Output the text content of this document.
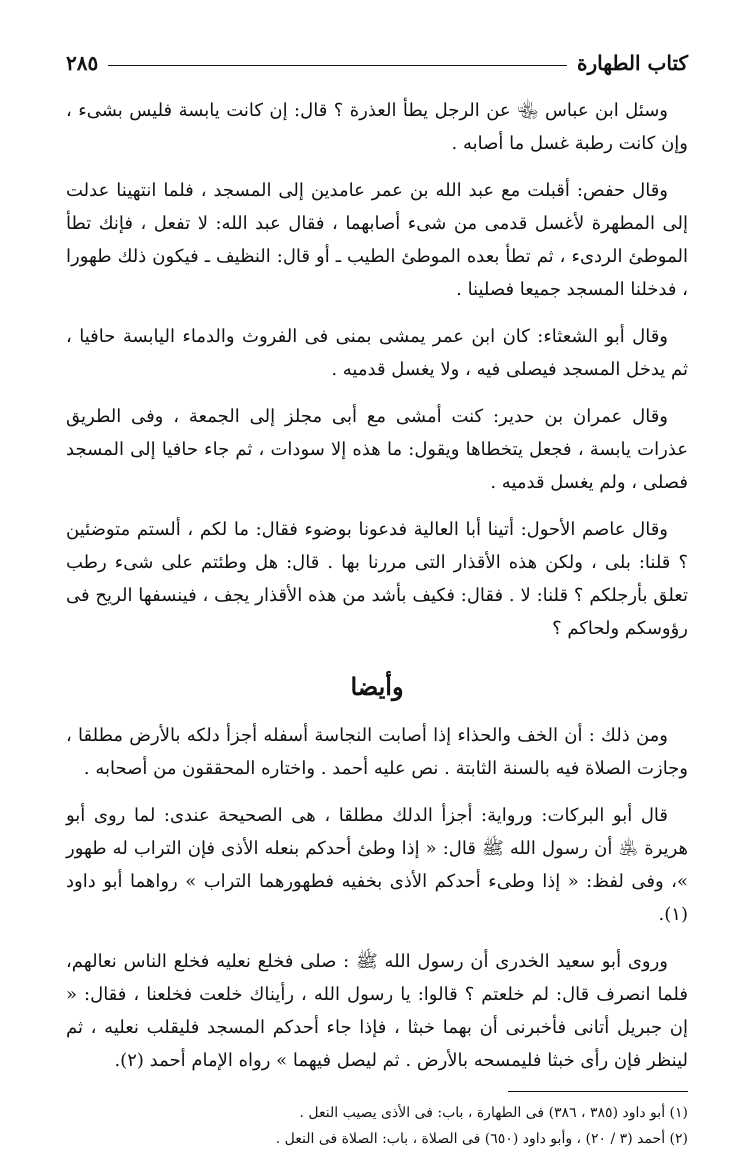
كتاب الطهارة
٢٨٥

وسئل ابن عباس ﵄ عن الرجل يطأ العذرة ؟ قال: إن كانت يابسة فليس بشىء ، وإن كانت رطبة غسل ما أصابه .

وقال حفص: أقبلت مع عبد الله بن عمر عامدين إلى المسجد ، فلما انتهينا عدلت إلى المطهرة لأغسل قدمى من شىء أصابهما ، فقال عبد الله: لا تفعل ، فإنك تطأ الموطئ الردىء ، ثم تطأ بعده الموطئ الطيب ـ أو قال: النظيف ـ فيكون ذلك طهورا ، فدخلنا المسجد جميعا فصلينا .

وقال أبو الشعثاء: كان ابن عمر يمشى بمنى فى الفروث والدماء اليابسة حافيا ، ثم يدخل المسجد فيصلى فيه ، ولا يغسل قدميه .

وقال عمران بن حدير: كنت أمشى مع أبى مجلز إلى الجمعة ، وفى الطريق عذرات يابسة ، فجعل يتخطاها ويقول: ما هذه إلا سودات ، ثم جاء حافيا إلى المسجد فصلى ، ولم يغسل قدميه .

وقال عاصم الأحول: أتينا أبا العالية فدعونا بوضوء فقال: ما لكم ، ألستم متوضئين ؟ قلنا: بلى ، ولكن هذه الأقذار التى مررنا بها . قال: هل وطئتم على شىء رطب تعلق بأرجلكم ؟ قلنا: لا . فقال: فكيف بأشد من هذه الأقذار يجف ، فينسفها الريح فى رؤوسكم ولحاكم ؟

وأيضا

ومن ذلك : أن الخف والحذاء إذا أصابت النجاسة أسفله أجزأ دلكه بالأرض مطلقا ، وجازت الصلاة فيه بالسنة الثابتة . نص عليه أحمد . واختاره المحققون من أصحابه .

قال أبو البركات: ورواية: أجزأ الدلك مطلقا ، هى الصحيحة عندى: لما روى أبو هريرة ﵁ أن رسول الله ﷺ قال: « إذا وطئ أحدكم بنعله الأذى فإن التراب له طهور »، وفى لفظ: « إذا وطىء أحدكم الأذى بخفيه فطهورهما التراب » رواهما أبو داود (١).

وروى أبو سعيد الخدرى أن رسول الله ﷺ : صلى فخلع نعليه فخلع الناس نعالهم، فلما انصرف قال: لم خلعتم ؟ قالوا: يا رسول الله ، رأيناك خلعت فخلعنا ، فقال: « إن جبريل أتانى فأخبرنى أن بهما خبثا ، فإذا جاء أحدكم المسجد فليقلب نعليه ، ثم لينظر فإن رأى خبثا فليمسحه بالأرض . ثم ليصل فيهما » رواه الإمام أحمد (٢).

(١) أبو داود (٣٨٥ ، ٣٨٦) فى الطهارة ، باب: فى الأذى يصيب النعل .

(٢) أحمد (٣ / ٢٠) ، وأبو داود (٦٥٠) فى الصلاة ، باب: الصلاة فى النعل .
